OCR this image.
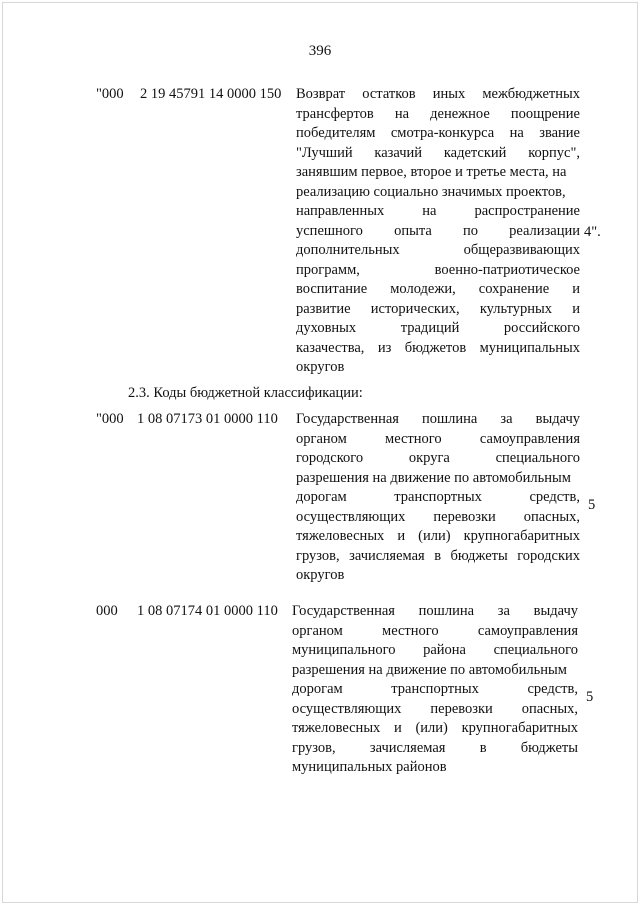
396
"000 2 19 45791 14 0000 150 Возврат остатков иных межбюджетных
трансфертов на денежное поощрение
победителям смотра-конкурса на звание
"Лучший казачий кадетский корпус",
занявшим первое, второе и третье места, на
реализацию социально значимых проектов,
направленных на распространение
успешного опыта по реализации
дополнительных общеразвивающих
программ, военно-патриотическое
воспитание молодежи, сохранение и
развитие исторических, культурных и
духовных традиций российского
казачества, из бюджетов муниципальных
округов
4".
2.3. Коды бюджетной классификации:
"000 1 08 07173 01 0000 110 Государственная пошлина за выдачу
органом местного самоуправления
городского округа специального
разрешения на движение по автомобильным
дорогам транспортных средств,
осуществляющих перевозки опасных,
тяжеловесных и (или) крупногабаритных
грузов, зачисляемая в бюджеты городских
округов
5
000 1 08 07174 01 0000 110 Государственная пошлина за выдачу
органом местного самоуправления
муниципального района специального
разрешения на движение по автомобильным
дорогам транспортных средств,
осуществляющих перевозки опасных,
тяжеловесных и (или) крупногабаритных
грузов, зачисляемая в бюджеты
муниципальных районов
5
